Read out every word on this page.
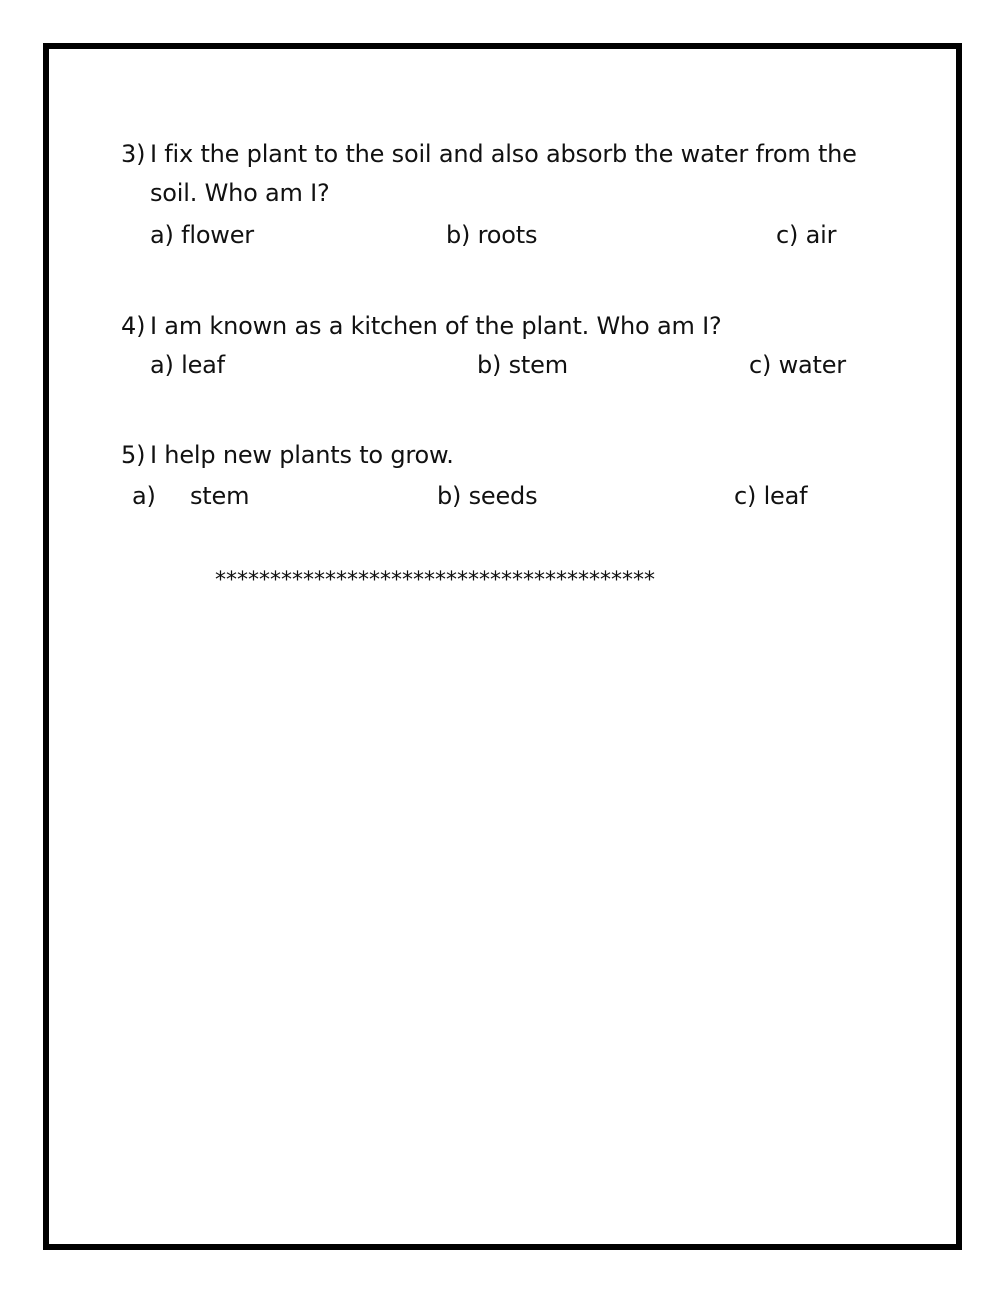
3) I fix the plant to the soil and also absorb the water from the
soil. Who am I?
a) flower	b) roots	c) air
4) I am known as a kitchen of the plant. Who am I?
a) leaf	b) stem	c) water
5) I help new plants to grow.
a) stem	b) seeds	c) leaf
****************************************
